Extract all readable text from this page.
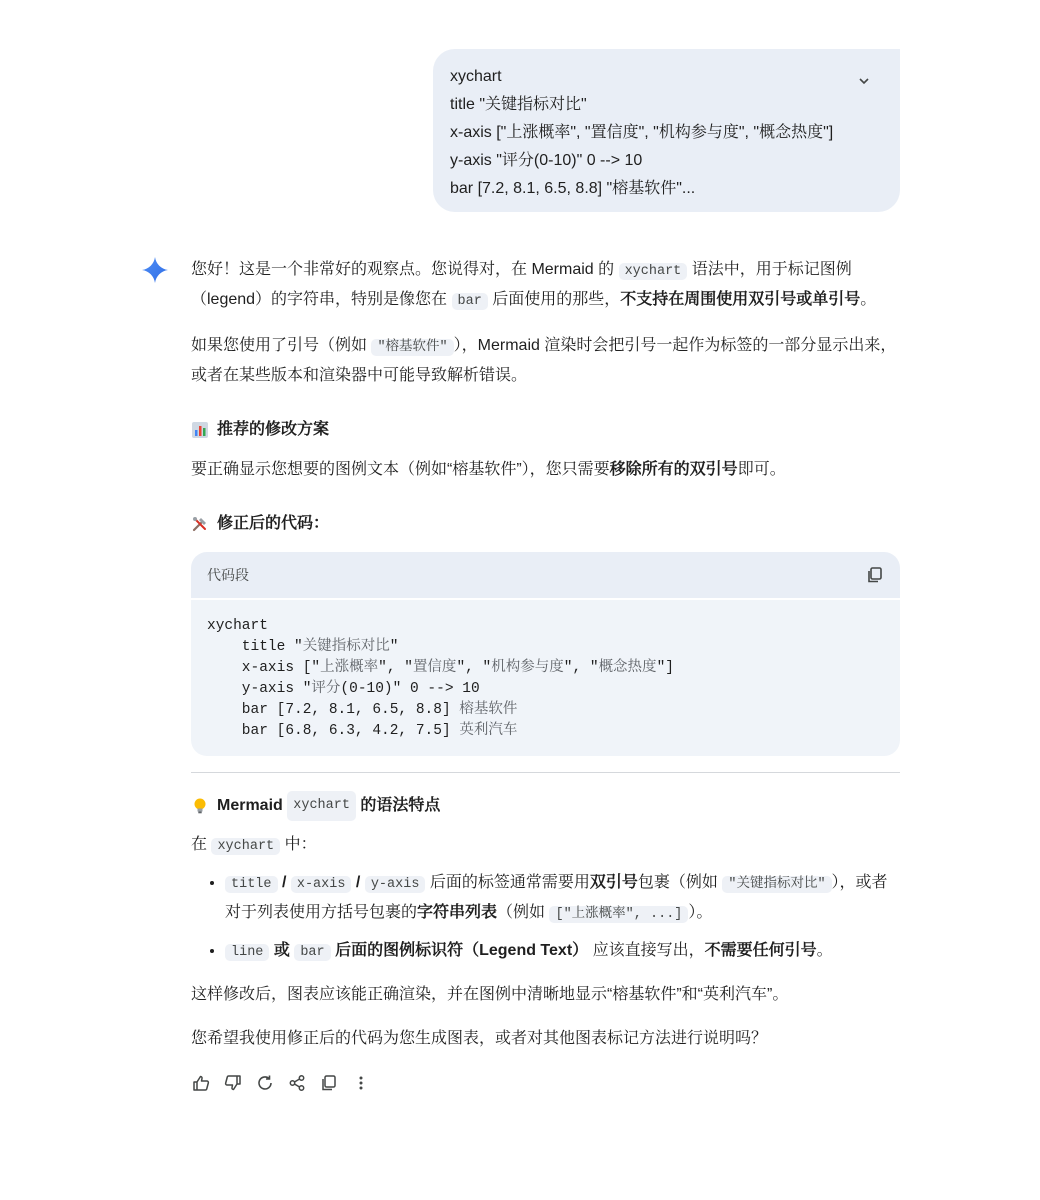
xychart
title "关键指标对比"
x-axis ["上涨概率", "置信度", "机构参与度", "概念热度"]
y-axis "评分(0-10)" 0 --> 10
bar [7.2, 8.1, 6.5, 8.8] "榕基软件"...

您好！这是一个非常好的观察点。您说得对，在 Mermaid 的 xychart 语法中，用于标记图例（legend）的字符串，特别是像您在 bar 后面使用的那些，不支持在周围使用双引号或单引号。

如果您使用了引号（例如 "榕基软件" ），Mermaid 渲染时会把引号一起作为标签的一部分显示出来，或者在某些版本和渲染器中可能导致解析错误。

推荐的修改方案

要正确显示您想要的图例文本（例如“榕基软件”），您只需要移除所有的双引号即可。

修正后的代码：
代码段
xychart
title "关键指标对比"
x-axis ["上涨概率", "置信度", "机构参与度", "概念热度"]
y-axis "评分(0-10)" 0 --> 10
bar [7.2, 8.1, 6.5, 8.8] 榕基软件
bar [6.8, 6.3, 4.2, 7.5] 英利汽车
Mermaid
xychart
的语法特点

在 xychart 中：

• title / x-axis / y-axis 后面的标签通常需要用双引号包裹（例如 "关键指标对比" ），或者对于列表使用方括号包裹的字符串列表（例如 ["上涨概率", ...] ）。
• line 或 bar 后面的图例标识符（Legend Text） 应该直接写出，不需要任何引号。

这样修改后，图表应该能正确渲染，并在图例中清晰地显示“榕基软件”和“英利汽车”。

您希望我使用修正后的代码为您生成图表，或者对其他图表标记方法进行说明吗？
